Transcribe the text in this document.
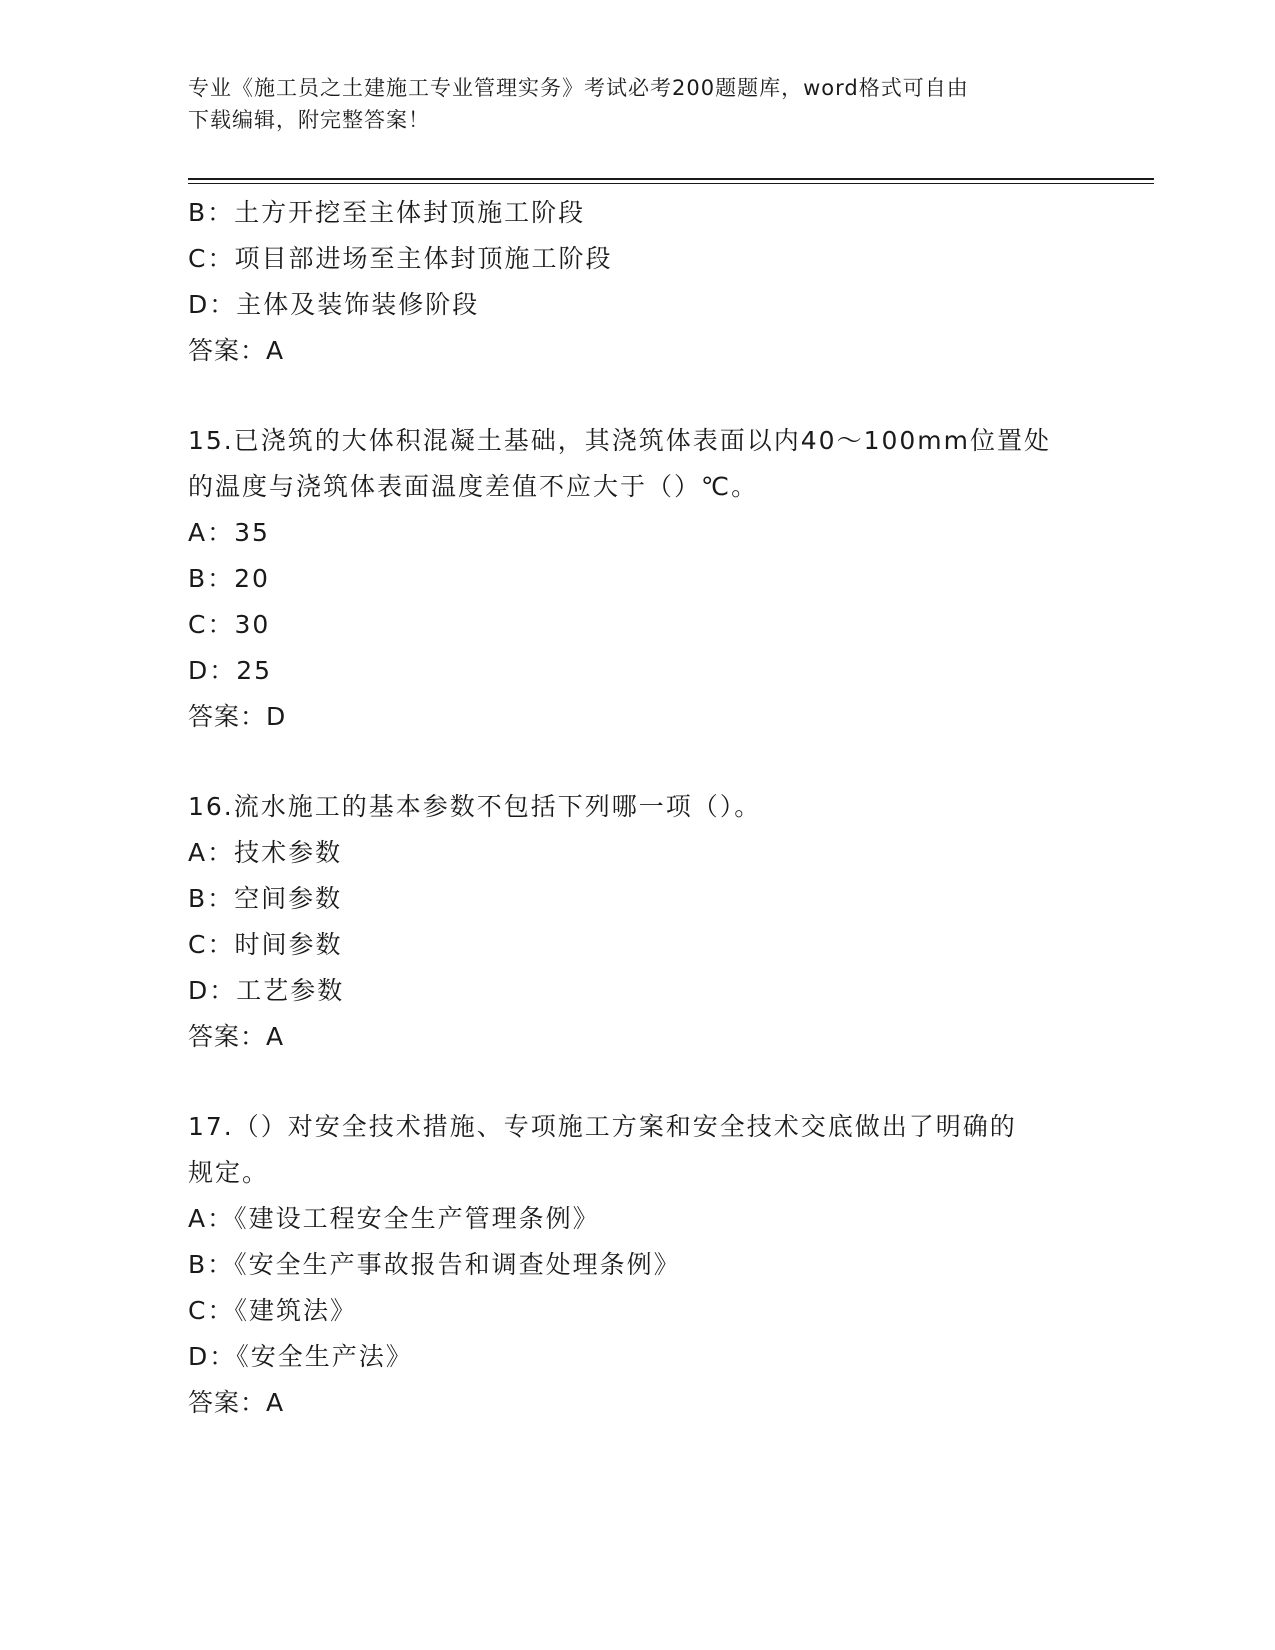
专业《施工员之土建施工专业管理实务》考试必考200题题库，word格式可自由
下载编辑，附完整答案！
B：土方开挖至主体封顶施工阶段
C：项目部进场至主体封顶施工阶段
D：主体及装饰装修阶段
答案：A
15.已浇筑的大体积混凝土基础，其浇筑体表面以内40～100mm位置处
的温度与浇筑体表面温度差值不应大于（）℃。
A：35
B：20
C：30
D：25
答案：D
16.流水施工的基本参数不包括下列哪一项（）。
A：技术参数
B：空间参数
C：时间参数
D：工艺参数
答案：A
17.（）对安全技术措施、专项施工方案和安全技术交底做出了明确的
规定。
A：《建设工程安全生产管理条例》
B：《安全生产事故报告和调查处理条例》
C：《建筑法》
D：《安全生产法》
答案：A
